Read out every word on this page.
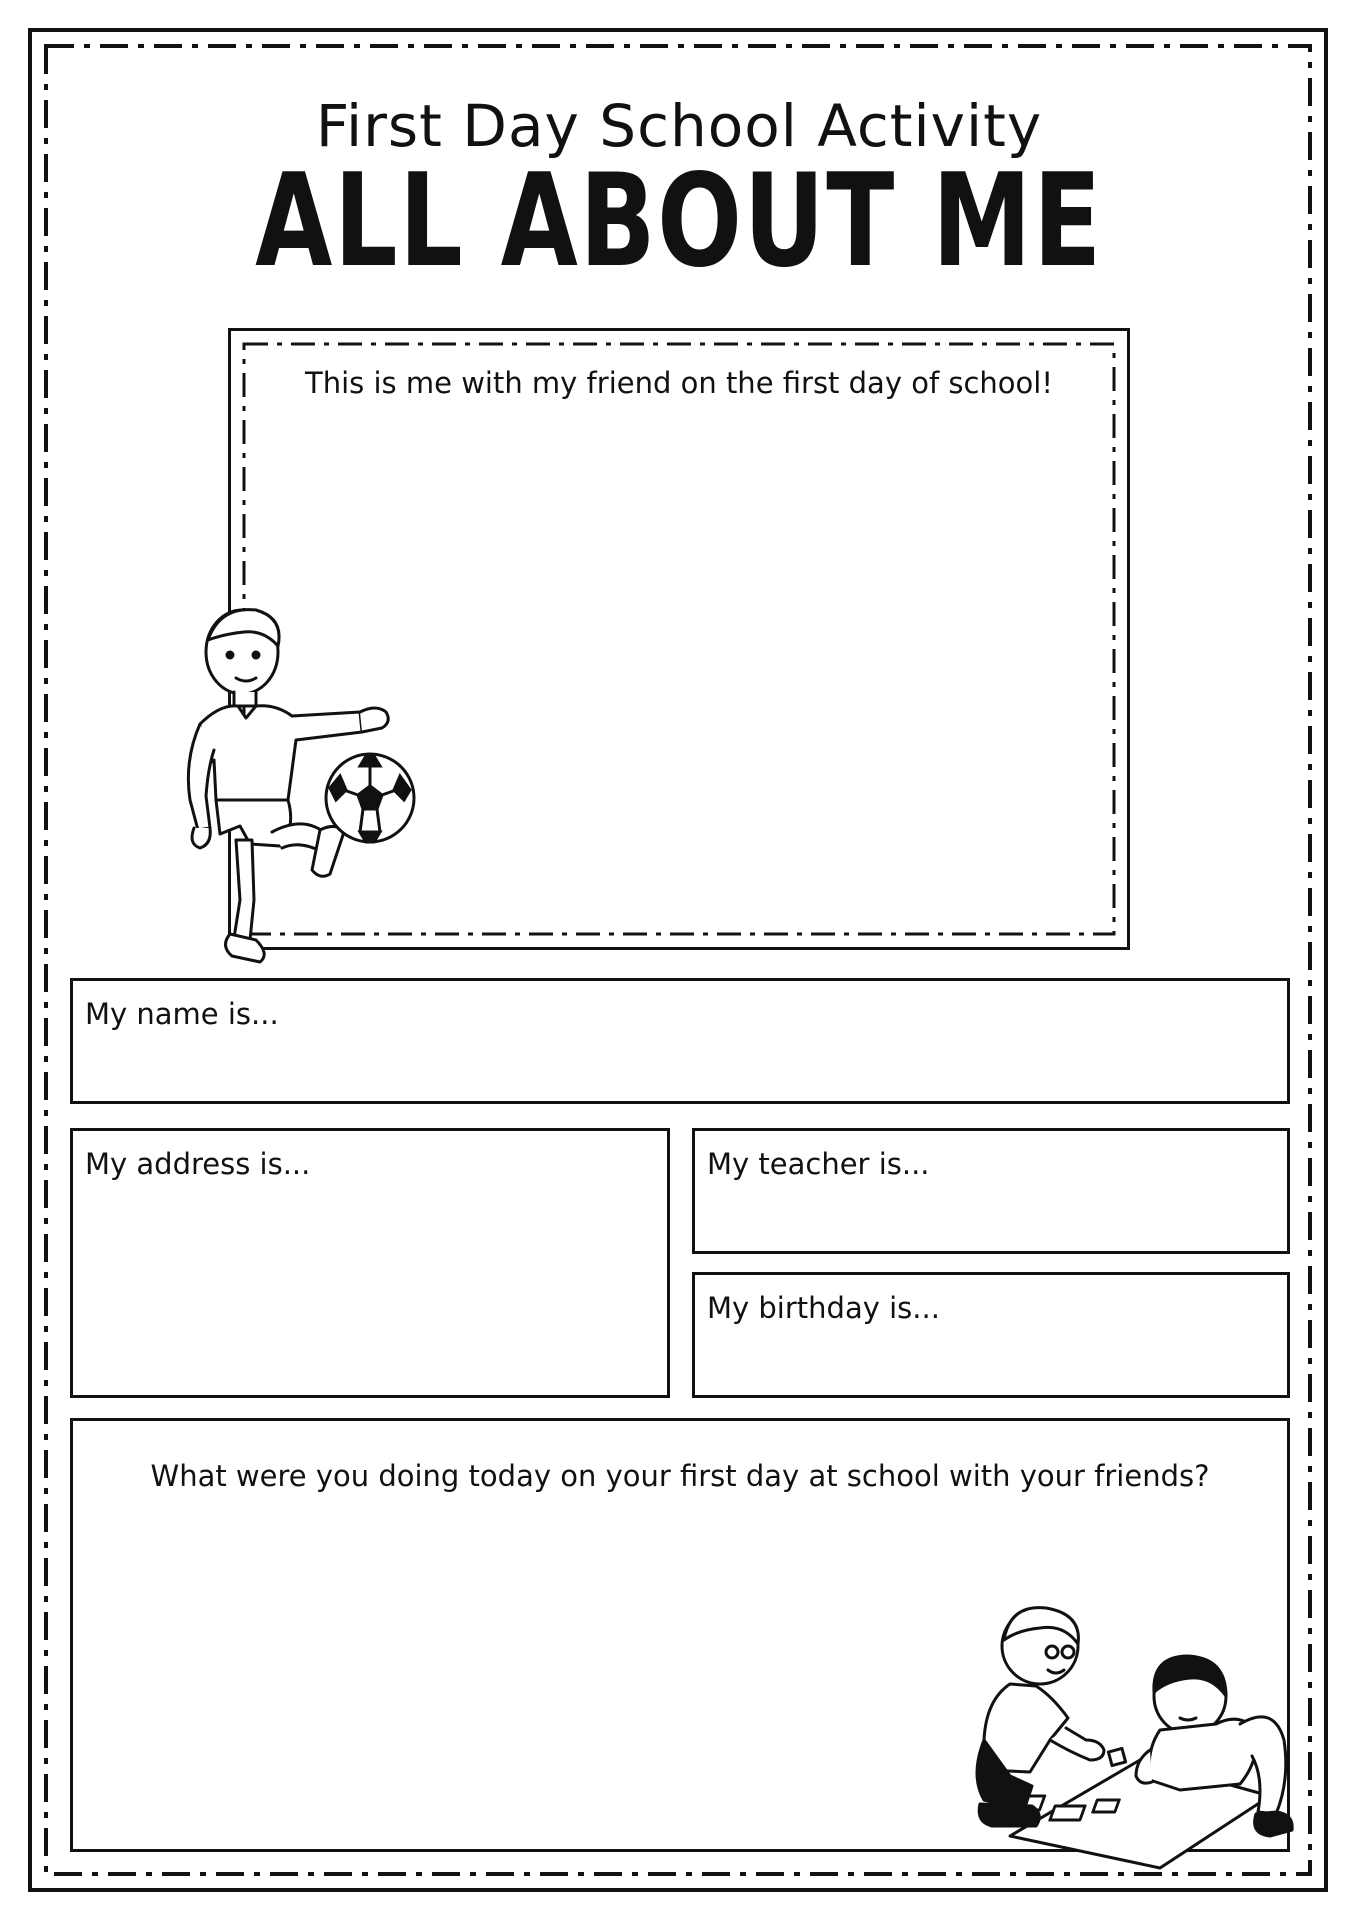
First Day School Activity
ALL ABOUT ME
This is me with my friend on the first day of school!
My name is...
My address is...	My teacher is...
My birthday is...
What were you doing today on your first day at school with your friends?
